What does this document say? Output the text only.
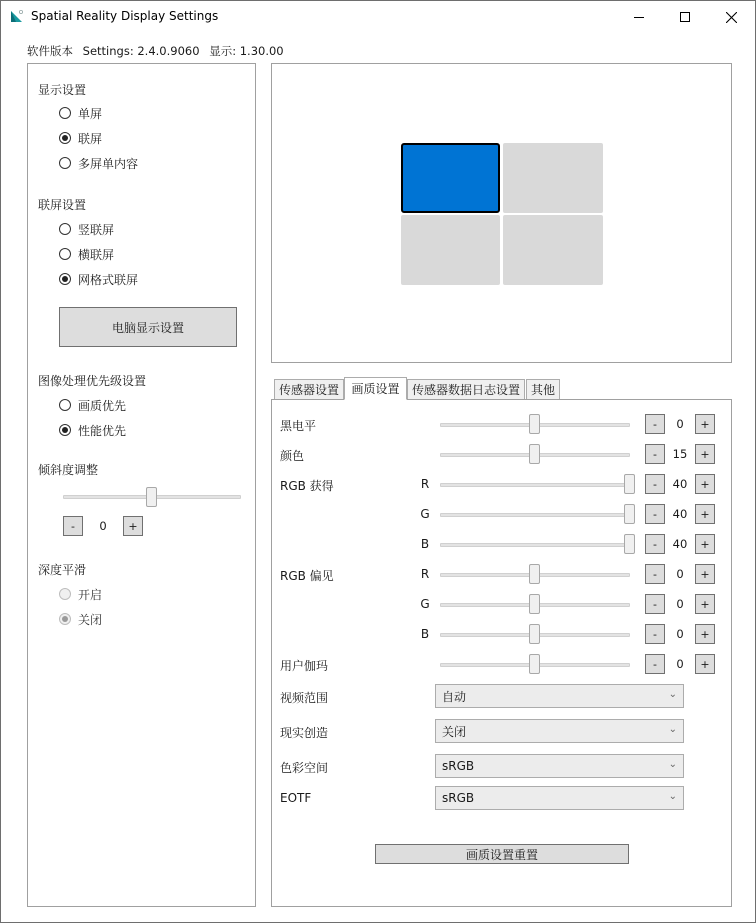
Spatial Reality Display Settings
软件版本 Settings: 2.4.0.9060 显示: 1.30.00
显示设置
单屏
联屏
多屏单内容
联屏设置
竖联屏
横联屏
网格式联屏
电脑显示设置
图像处理优先级设置
画质优先
性能优先
倾斜度调整
-	0	+
深度平滑
开启
关闭
传感器设置	画质设置	传感器数据日志设置 其他
黑电平	-	0	+
颜色	-	15	+
RGB 获得	R	-	40	+
G	-	40	+
B	-	40	+
RGB 偏见	R	-	0	+
G	-	0	+
B	-	0	+
用户伽玛	-	0	+
视频范围	自动	⌄
现实创造	关闭	⌄
色彩空间	sRGB	⌄
EOTF	sRGB	⌄
画质设置重置
